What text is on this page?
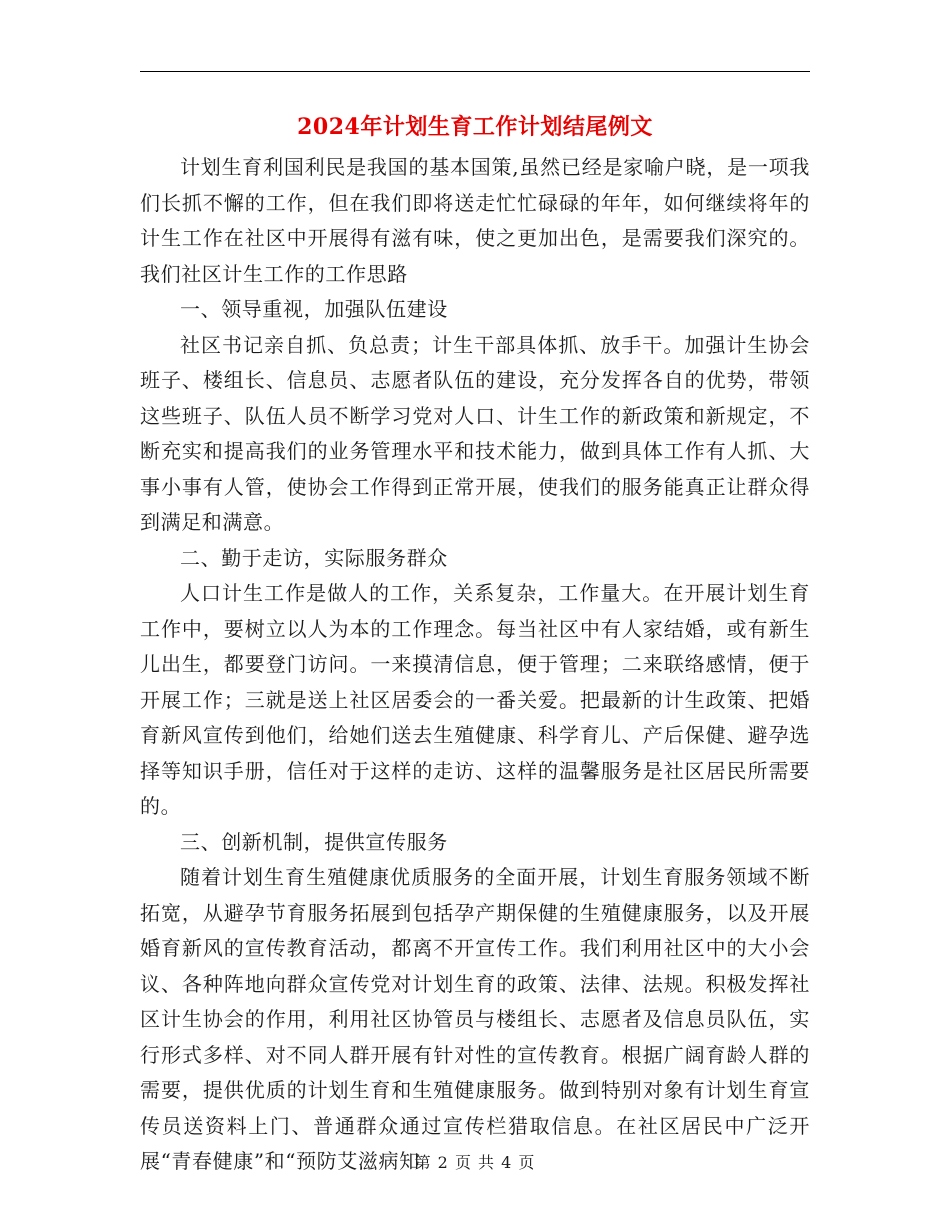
2024年计划生育工作计划结尾例文

计划生育利国利民是我国的基本国策,虽然已经是家喻户晓，是一项我们长抓不懈的工作，但在我们即将送走忙忙碌碌的年年，如何继续将年的计生工作在社区中开展得有滋有味，使之更加出色，是需要我们深究的。我们社区计生工作的工作思路

一、领导重视，加强队伍建设

社区书记亲自抓、负总责；计生干部具体抓、放手干。加强计生协会班子、楼组长、信息员、志愿者队伍的建设，充分发挥各自的优势，带领这些班子、队伍人员不断学习党对人口、计生工作的新政策和新规定，不断充实和提高我们的业务管理水平和技术能力，做到具体工作有人抓、大事小事有人管，使协会工作得到正常开展，使我们的服务能真正让群众得到满足和满意。

二、勤于走访，实际服务群众

人口计生工作是做人的工作，关系复杂，工作量大。在开展计划生育工作中，要树立以人为本的工作理念。每当社区中有人家结婚，或有新生儿出生，都要登门访问。一来摸清信息，便于管理；二来联络感情，便于开展工作；三就是送上社区居委会的一番关爱。把最新的计生政策、把婚育新风宣传到他们，给她们送去生殖健康、科学育儿、产后保健、避孕选择等知识手册，信任对于这样的走访、这样的温馨服务是社区居民所需要的。

三、创新机制，提供宣传服务

随着计划生育生殖健康优质服务的全面开展，计划生育服务领域不断拓宽，从避孕节育服务拓展到包括孕产期保健的生殖健康服务，以及开展婚育新风的宣传教育活动，都离不开宣传工作。我们利用社区中的大小会议、各种阵地向群众宣传党对计划生育的政策、法律、法规。积极发挥社区计生协会的作用，利用社区协管员与楼组长、志愿者及信息员队伍，实行形式多样、对不同人群开展有针对性的宣传教育。根据广阔育龄人群的需要，提供优质的计划生育和生殖健康服务。做到特别对象有计划生育宣传员送资料上门、普通群众通过宣传栏猎取信息。在社区居民中广泛开展“青春健康”和“预防艾滋病知

第 2 页 共 4 页
